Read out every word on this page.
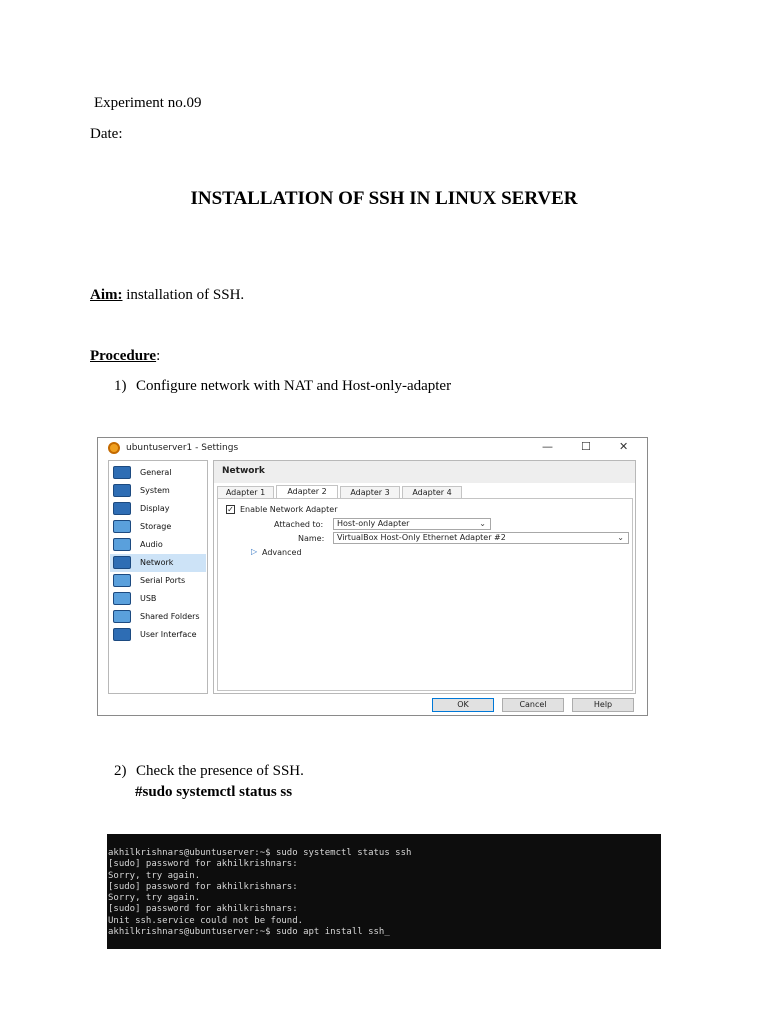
Experiment no.09
Date:
INSTALLATION OF SSH IN LINUX SERVER
Aim: installation of SSH.
Procedure:
1) Configure network with NAT and Host-only-adapter
ubuntuserver1 - Settings	—	☐	✕
General
System
Display
Storage
Audio
Network
Serial Ports
USB
Shared Folders
User Interface
Network
Adapter 1	Adapter 2	Adapter 3	Adapter 4
✓ Enable Network Adapter
Attached to:	Host-only Adapter	⌄
Name:	VirtualBox Host-Only Ethernet Adapter #2	⌄
▷ Advanced
OK	Cancel	Help
2) Check the presence of SSH.
#sudo systemctl status ss
akhilkrishnars@ubuntuserver:~$ sudo systemctl status ssh
[sudo] password for akhilkrishnars:
Sorry, try again.
[sudo] password for akhilkrishnars:
Sorry, try again.
[sudo] password for akhilkrishnars:
Unit ssh.service could not be found.
akhilkrishnars@ubuntuserver:~$ sudo apt install ssh_
